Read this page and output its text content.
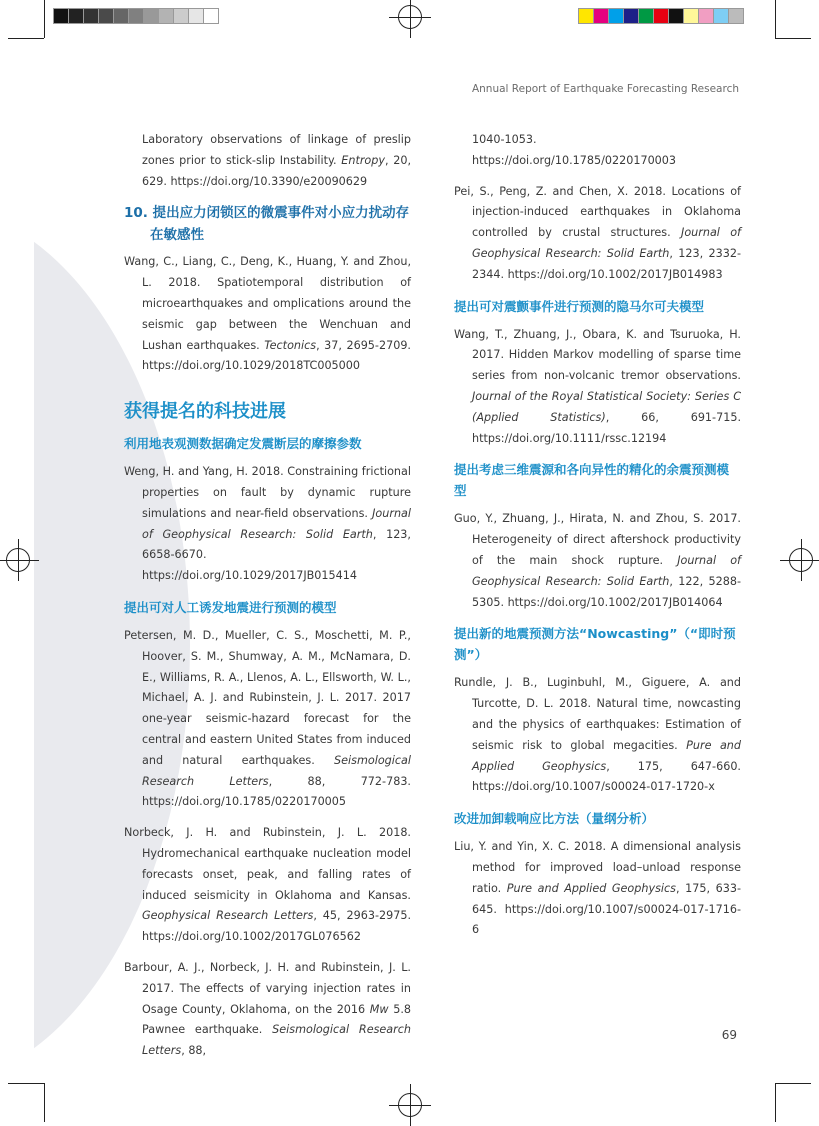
Annual Report of Earthquake Forecasting Research

Laboratory observations of linkage of preslip zones prior to stick-slip Instability. Entropy, 20, 629. https://doi.org/10.3390/e20090629

10. 提出应力闭锁区的微震事件对小应力扰动存在敏感性

Wang, C., Liang, C., Deng, K., Huang, Y. and Zhou, L. 2018. Spatiotemporal distribution of microearthquakes and omplications around the seismic gap between the Wenchuan and Lushan earthquakes. Tectonics, 37, 2695-2709. https://doi.org/10.1029/2018TC005000

获得提名的科技进展
利用地表观测数据确定发震断层的摩擦参数

Weng, H. and Yang, H. 2018. Constraining frictional properties on fault by dynamic rupture simulations and near-field observations. Journal of Geophysical Research: Solid Earth, 123, 6658-6670. https://doi.org/10.1029/2017JB015414

提出可对人工诱发地震进行预测的模型

Petersen, M. D., Mueller, C. S., Moschetti, M. P., Hoover, S. M., Shumway, A. M., McNamara, D. E., Williams, R. A., Llenos, A. L., Ellsworth, W. L., Michael, A. J. and Rubinstein, J. L. 2017. 2017 one-year seismic-hazard forecast for the central and eastern United States from induced and natural earthquakes. Seismological Research Letters, 88, 772-783. https://doi.org/10.1785/0220170005

Norbeck, J. H. and Rubinstein, J. L. 2018. Hydromechanical earthquake nucleation model forecasts onset, peak, and falling rates of induced seismicity in Oklahoma and Kansas. Geophysical Research Letters, 45, 2963-2975. https://doi.org/10.1002/2017GL076562

Barbour, A. J., Norbeck, J. H. and Rubinstein, J. L. 2017. The effects of varying injection rates in Osage County, Oklahoma, on the 2016 Mw 5.8 Pawnee earthquake. Seismological Research Letters, 88,

1040-1053. https://doi.org/10.1785/0220170003

Pei, S., Peng, Z. and Chen, X. 2018. Locations of injection-induced earthquakes in Oklahoma controlled by crustal structures. Journal of Geophysical Research: Solid Earth, 123, 2332-2344. https://doi.org/10.1002/2017JB014983

提出可对震颤事件进行预测的隐马尔可夫模型

Wang, T., Zhuang, J., Obara, K. and Tsuruoka, H. 2017. Hidden Markov modelling of sparse time series from non-volcanic tremor observations. Journal of the Royal Statistical Society: Series C (Applied Statistics), 66, 691-715. https://doi.org/10.1111/rssc.12194

提出考虑三维震源和各向异性的精化的余震预测模型

Guo, Y., Zhuang, J., Hirata, N. and Zhou, S. 2017. Heterogeneity of direct aftershock productivity of the main shock rupture. Journal of Geophysical Research: Solid Earth, 122, 5288-5305. https://doi.org/10.1002/2017JB014064

提出新的地震预测方法“Nowcasting”（“即时预测”）

Rundle, J. B., Luginbuhl, M., Giguere, A. and Turcotte, D. L. 2018. Natural time, nowcasting and the physics of earthquakes: Estimation of seismic risk to global megacities. Pure and Applied Geophysics, 175, 647-660. https://doi.org/10.1007/s00024-017-1720-x

改进加卸载响应比方法（量纲分析）

Liu, Y. and Yin, X. C. 2018. A dimensional analysis method for improved load–unload response ratio. Pure and Applied Geophysics, 175, 633-645. https://doi.org/10.1007/s00024-017-1716-6

69
